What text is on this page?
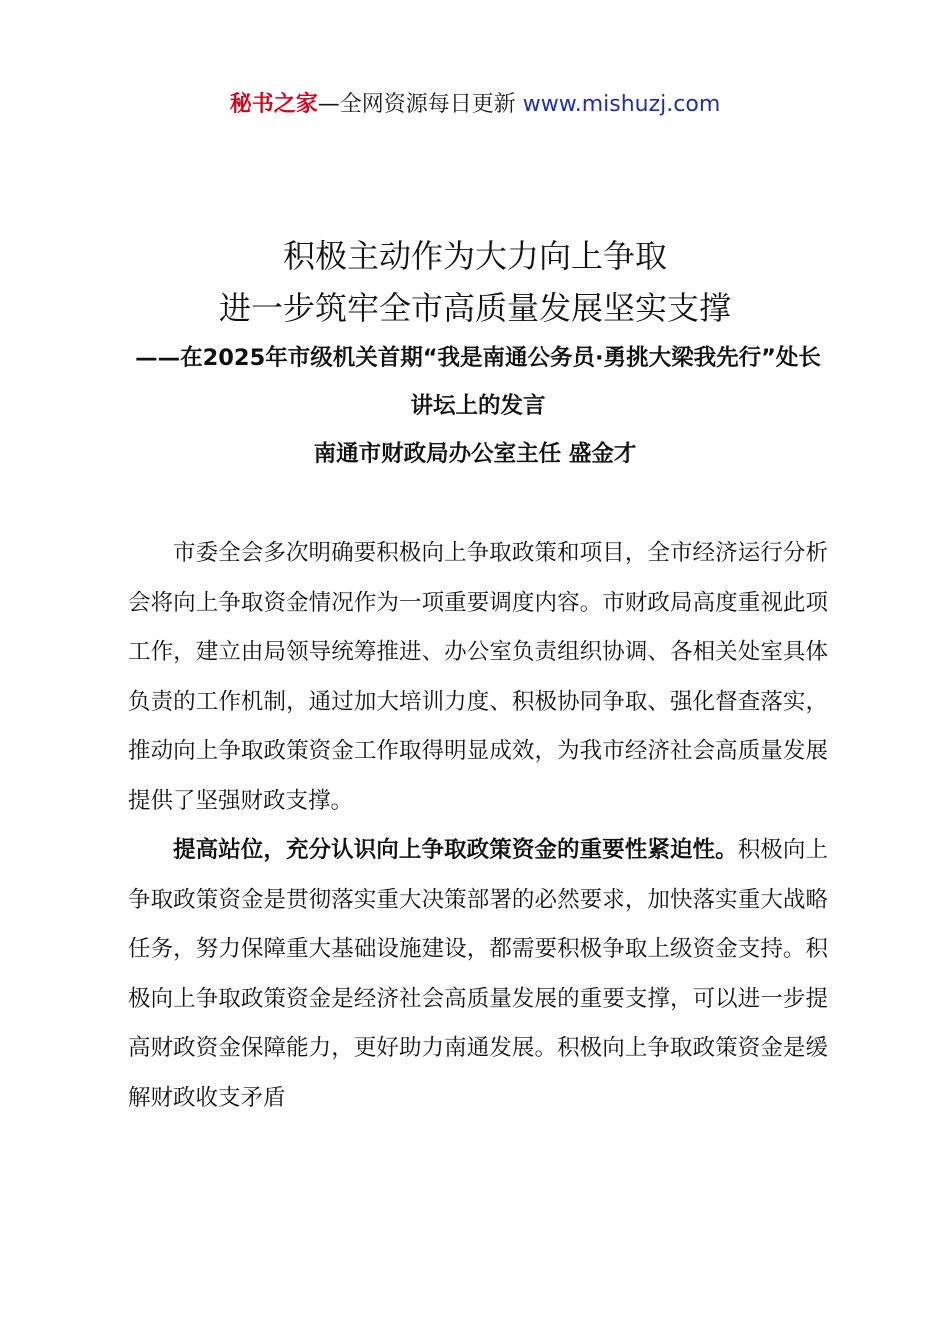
秘书之家—全网资源每日更新 www.mishuzj.com
积极主动作为大力向上争取
进一步筑牢全市高质量发展坚实支撑

——在2025年市级机关首期“我是南通公务员·勇挑大梁我先行”处长讲坛上的发言

南通市财政局办公室主任 盛金才

市委全会多次明确要积极向上争取政策和项目，全市经济运行分析会将向上争取资金情况作为一项重要调度内容。市财政局高度重视此项工作，建立由局领导统筹推进、办公室负责组织协调、各相关处室具体负责的工作机制，通过加大培训力度、积极协同争取、强化督查落实，推动向上争取政策资金工作取得明显成效，为我市经济社会高质量发展提供了坚强财政支撑。

提高站位，充分认识向上争取政策资金的重要性紧迫性。积极向上争取政策资金是贯彻落实重大决策部署的必然要求，加快落实重大战略任务，努力保障重大基础设施建设，都需要积极争取上级资金支持。积极向上争取政策资金是经济社会高质量发展的重要支撑，可以进一步提高财政资金保障能力，更好助力南通发展。积极向上争取政策资金是缓解财政收支矛盾
